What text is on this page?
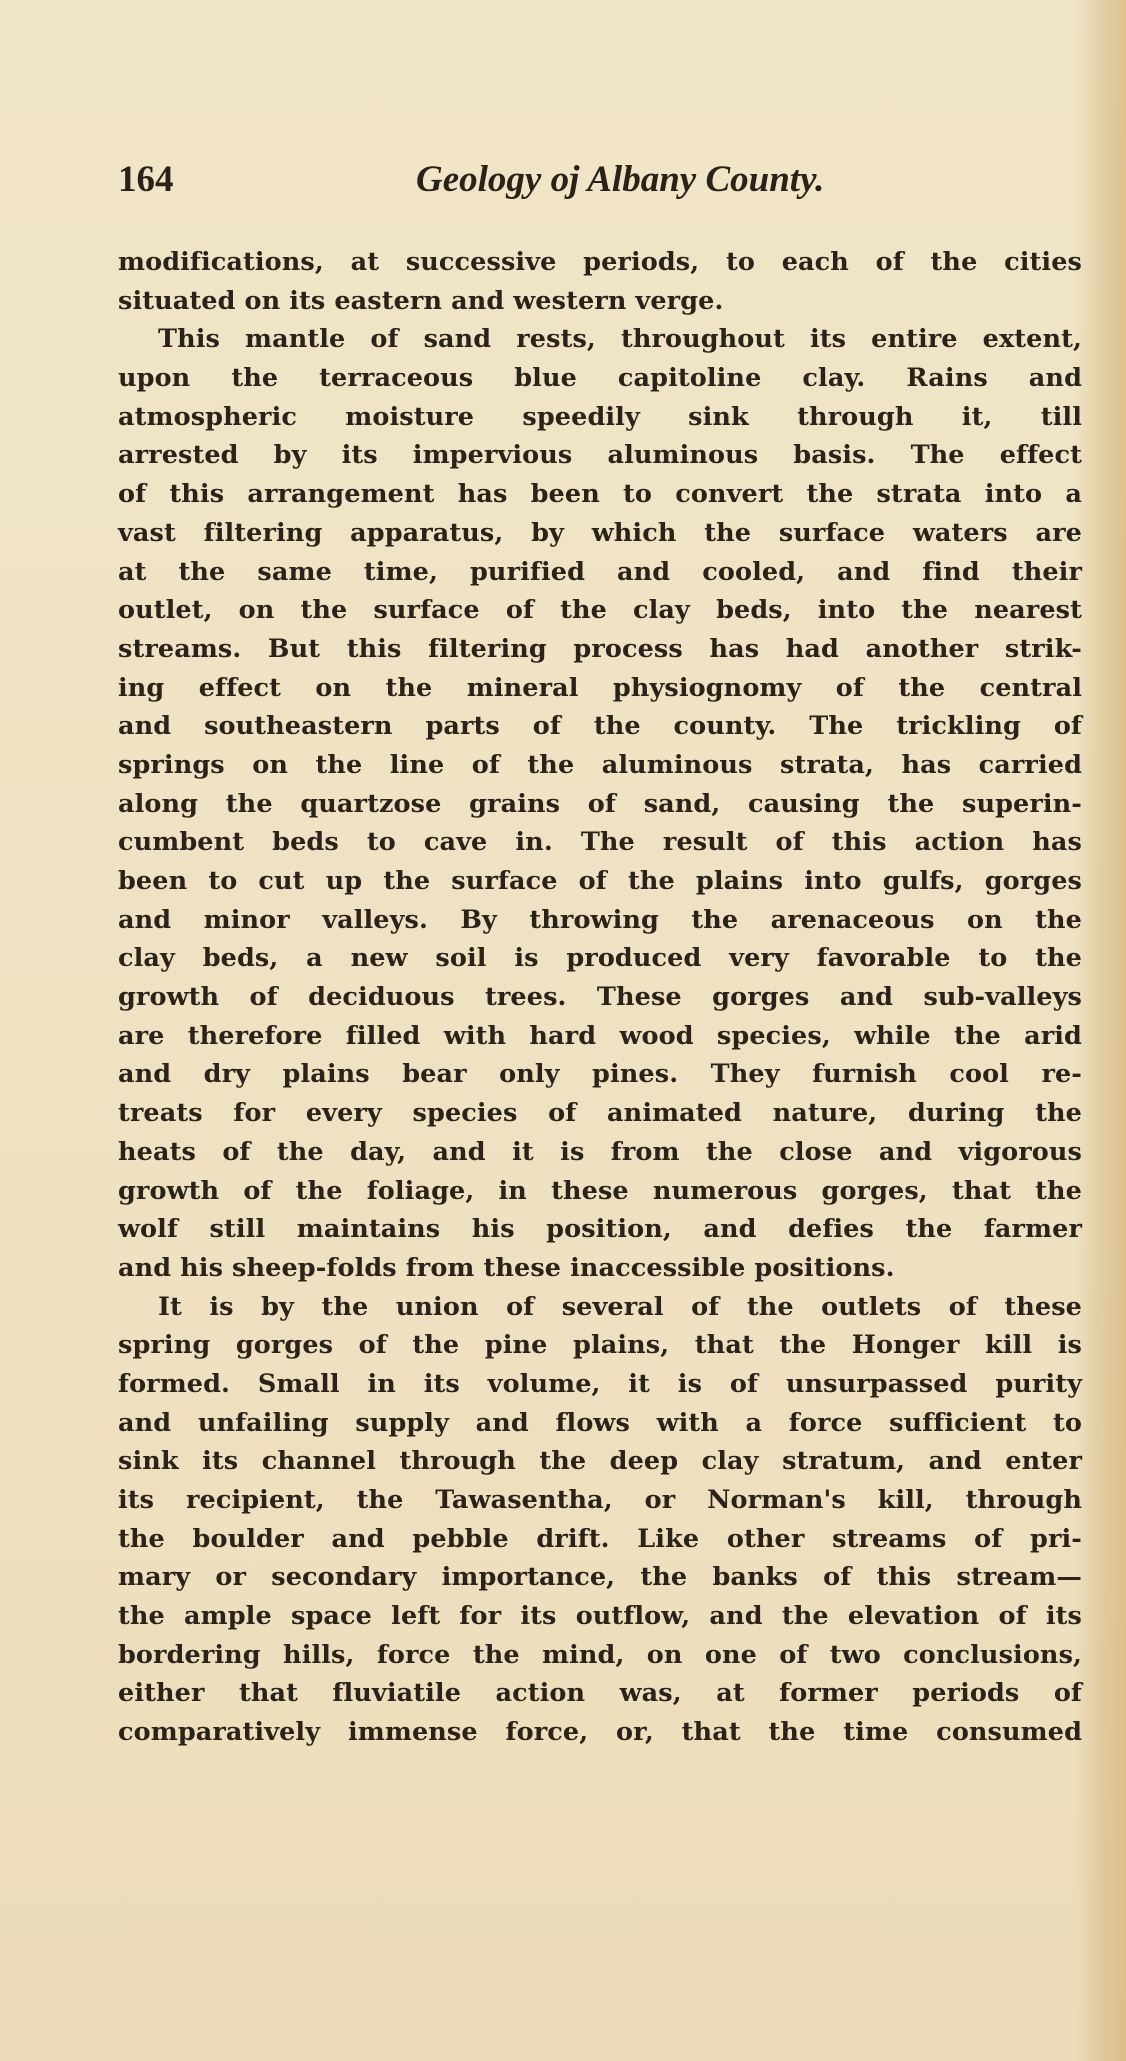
164	Geology oj Albany County.
modifications, at successive periods, to each of the cities
situated on its eastern and western verge.
This mantle of sand rests, throughout its entire extent,
upon the terraceous blue capitoline clay. Rains and
atmospheric moisture speedily sink through it, till
arrested by its impervious aluminous basis. The effect
of this arrangement has been to convert the strata into a
vast filtering apparatus, by which the surface waters are
at the same time, purified and cooled, and find their
outlet, on the surface of the clay beds, into the nearest
streams. But this filtering process has had another strik-
ing effect on the mineral physiognomy of the central
and southeastern parts of the county. The trickling of
springs on the line of the aluminous strata, has carried
along the quartzose grains of sand, causing the superin-
cumbent beds to cave in. The result of this action has
been to cut up the surface of the plains into gulfs, gorges
and minor valleys. By throwing the arenaceous on the
clay beds, a new soil is produced very favorable to the
growth of deciduous trees. These gorges and sub-valleys
are therefore filled with hard wood species, while the arid
and dry plains bear only pines. They furnish cool re-
treats for every species of animated nature, during the
heats of the day, and it is from the close and vigorous
growth of the foliage, in these numerous gorges, that the
wolf still maintains his position, and defies the farmer
and his sheep-folds from these inaccessible positions.
It is by the union of several of the outlets of these
spring gorges of the pine plains, that the Honger kill is
formed. Small in its volume, it is of unsurpassed purity
and unfailing supply and flows with a force sufficient to
sink its channel through the deep clay stratum, and enter
its recipient, the Tawasentha, or Norman's kill, through
the boulder and pebble drift. Like other streams of pri-
mary or secondary importance, the banks of this stream—
the ample space left for its outflow, and the elevation of its
bordering hills, force the mind, on one of two conclusions,
either that fluviatile action was, at former periods of
comparatively immense force, or, that the time consumed
